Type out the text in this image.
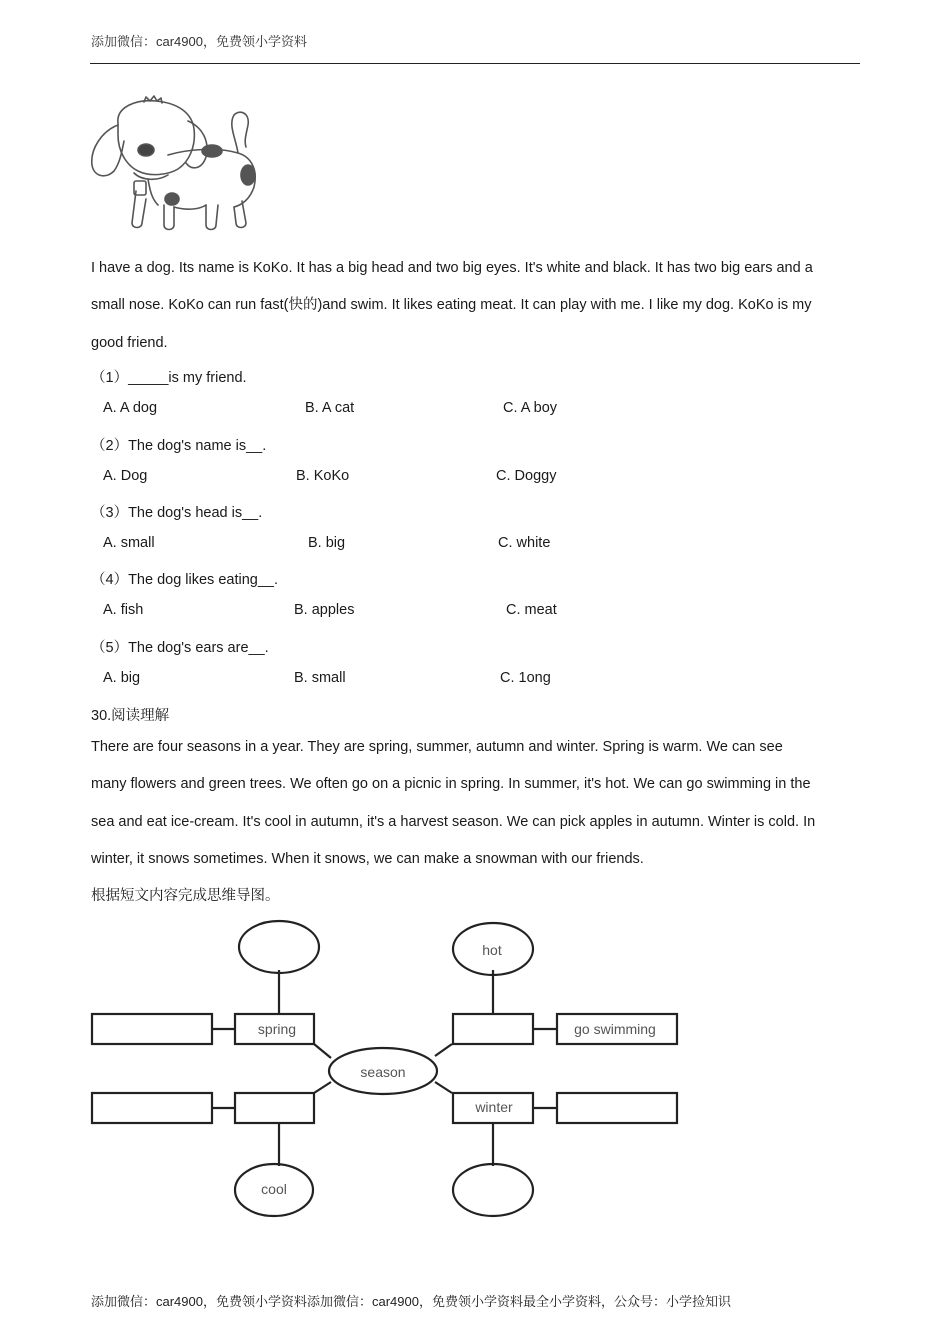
添加微信：car4900，免费领小学资料
I have a dog. Its name is KoKo. It has a big head and two big eyes. It's white and black. It has two big ears and a
small nose. KoKo can run fast(快的)and swim. It likes eating meat. It can play with me. I like my dog. KoKo is my
good friend.
（1）_____is my friend.
A. A dog	B. A cat	C. A boy
（2）The dog's name is__.
A. Dog	B. KoKo	C. Doggy
（3）The dog's head is__.
A. small	B. big	C. white
（4）The dog likes eating__.
A. fish	B. apples	C. meat
（5）The dog's ears are__.
A. big	B. small	C. 1ong
30.阅读理解
There are four seasons in a year. They are spring, summer, autumn and winter. Spring is warm. We can see
many flowers and green trees. We often go on a picnic in spring. In summer, it's hot. We can go swimming in the
sea and eat ice-cream. It's cool in autumn, it's a harvest season. We can pick apples in autumn. Winter is cold. In
winter, it snows sometimes. When it snows, we can make a snowman with our friends.
根据短文内容完成思维导图。
hot
spring	go swimming
season
winter
cool
添加微信：car4900，免费领小学资料添加微信：car4900，免费领小学资料最全小学资料，公众号：小学捡知识
